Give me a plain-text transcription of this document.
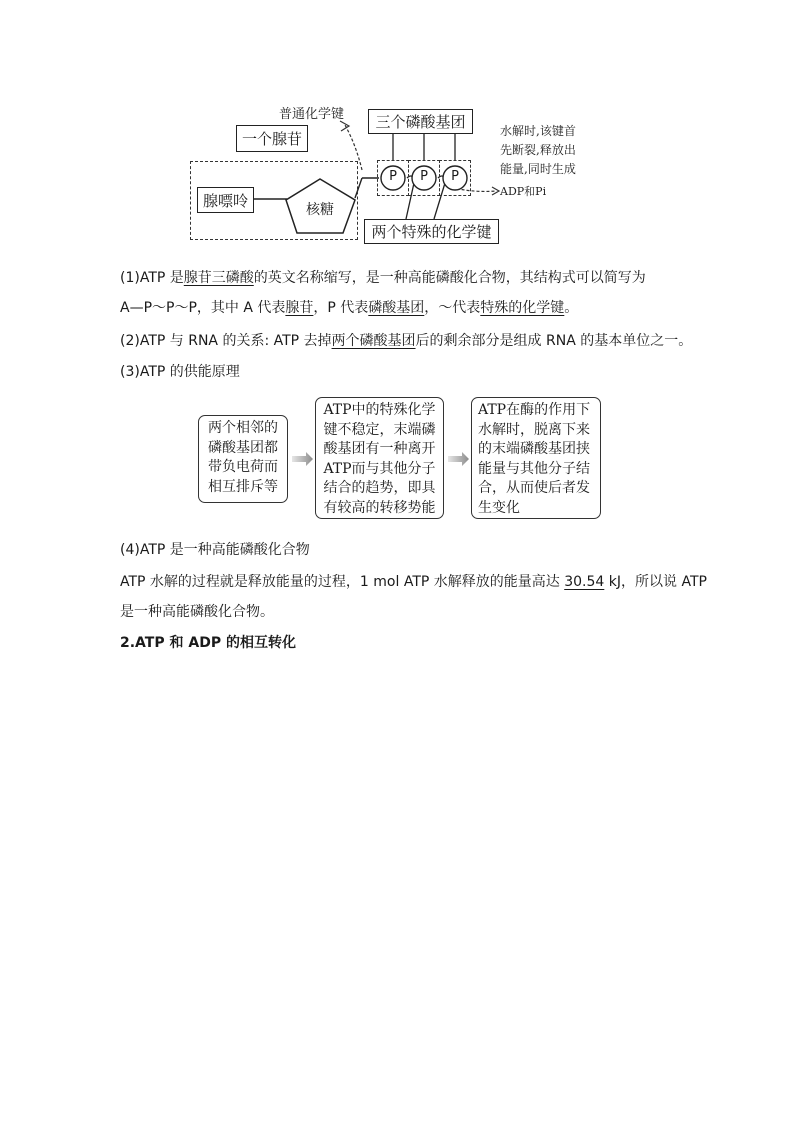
普通化学键
一个腺苷
腺嘌呤
核糖
三个磷酸基团
P	P	P
两个特殊的化学键
水解时,该键首
先断裂,释放出
能量,同时生成
ADP和Pi
(1)ATP 是腺苷三磷酸的英文名称缩写，是一种高能磷酸化合物，其结构式可以简写为
A—P～P～P，其中 A 代表腺苷，P 代表磷酸基团，～代表特殊的化学键。
(2)ATP 与 RNA 的关系: ATP 去掉两个磷酸基团后的剩余部分是组成 RNA 的基本单位之一。
(3)ATP 的供能原理
两个相邻的
磷酸基团都
带负电荷而
相互排斥等
ATP中的特殊化学
键不稳定，末端磷
酸基团有一种离开
ATP而与其他分子
结合的趋势，即具
有较高的转移势能
ATP在酶的作用下
水解时，脱离下来
的末端磷酸基团挟
能量与其他分子结
合，从而使后者发
生变化
(4)ATP 是一种高能磷酸化合物
ATP 水解的过程就是释放能量的过程，1 mol ATP 水解释放的能量高达 30.54 kJ，所以说 ATP
是一种高能磷酸化合物。
2.ATP 和 ADP 的相互转化
